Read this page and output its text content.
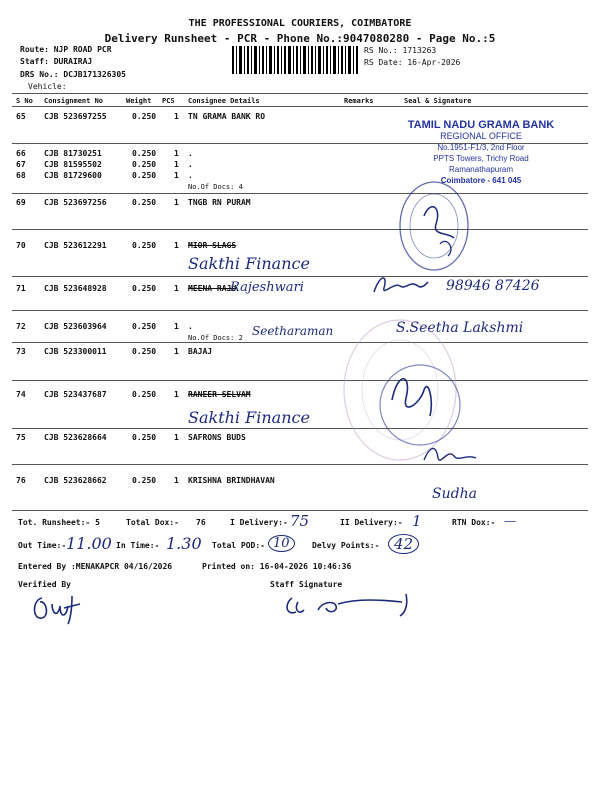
THE PROFESSIONAL COURIERS, COIMBATORE
Delivery Runsheet - PCR - Phone No.:9047080280 - Page No.:5
Route: NJP ROAD PCR
Staff: DURAIRAJ
DRS No.: DCJB171326305
Vehicle:
RS No.: 1713263
RS Date: 16-Apr-2026
S No Consignment No	Weight PCS Consignee Details	Remarks	Seal & Signature
65 CJB 523697255	0.250 1 TN GRAMA BANK RO
66 CJB 81730251	0.250 1 .
67 CJB 81595502	0.250 1 .
68 CJB 81729600	0.250 1 .
No.Of Docs: 4
69 CJB 523697256	0.250 1 TNGB RN PURAM
70 CJB 523612291	0.250 1 MIOR SLAGS
Sakthi Finance
71 CJB 523648928	0.250 1 MEENA RAJU
Rajeshwari	98946 87426
72 CJB 523603964	0.250 1 .
No.Of Docs: 2 Seetharaman	S.Seetha Lakshmi
73 CJB 523300011	0.250 1 BAJAJ
74 CJB 523437687	0.250 1 RANEER SELVAM
Sakthi Finance
75 CJB 523628664	0.250 1 SAFRONS BUDS
76 CJB 523628662	0.250 1 KRISHNA BRINDHAVAN
Sudha
TAMIL NADU GRAMA BANK
REGIONAL OFFICE
No.1951-F1/3, 2nd Floor
PPTS Towers, Trichy Road
Ramanathapuram
Coimbatore - 641 045
Tot. Runsheet:- 5	Total Dox:- 76	I Delivery:- 75	II Delivery:- 1	RTN Dox:- —
Out Time:- 11.00 In Time:- 1.30 Total POD:- 10	Delvy Points:- 42
Entered By :MENAKAPCR 04/16/2026	Printed on: 16-04-2026 10:46:36
Verified By	Staff Signature
